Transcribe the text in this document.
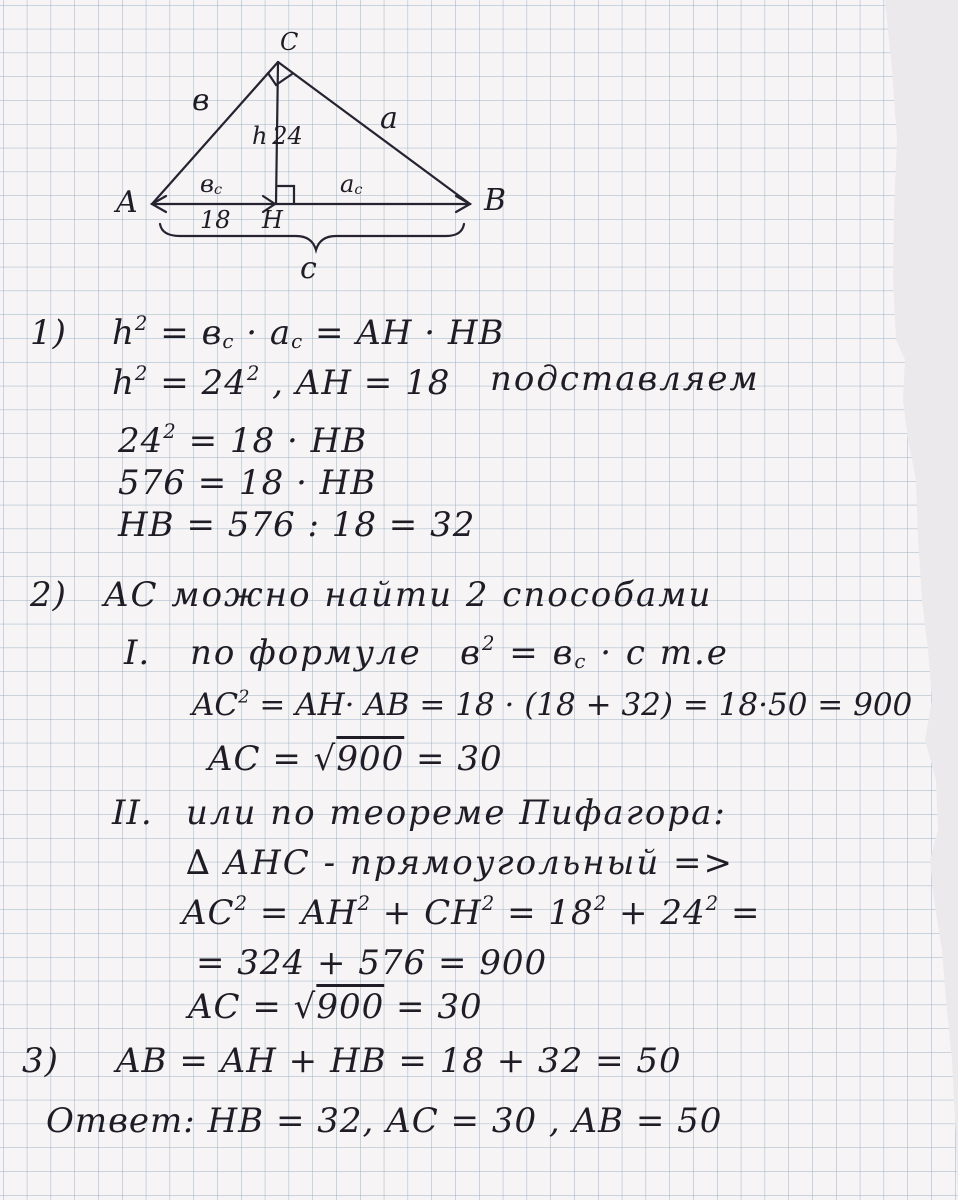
C
A	B
H
в
a
h  24
$в_c$	$a_c$
18
c
1) $h^2 = в_c \cdot a_c$ = AH · HB
$h^2 = 24^2$ , AH = 18 подставляем
$24^2 = 18$ · HB
576 = 18 · HB
HB = 576 : 18 = 32
2) AC можно найти 2 способами
I. по формуле $в^2 = в_c \cdot c$ т.е
$AC^2 = AH\cdot$ AB = 18 · (18 + 32) = 18·50 = 900
AC = √900 = 30
II. или по теореме Пифагора:
∆ AHC - прямоугольный =>
$AC^2 = AH^2 + CH^2 = 18^2 + 24^2$ =
= 324 + 576 = 900
AC = √900 = 30
3) AB = AH + HB = 18 + 32 = 50
Ответ: HB = 32, AC = 30 , AB = 50
